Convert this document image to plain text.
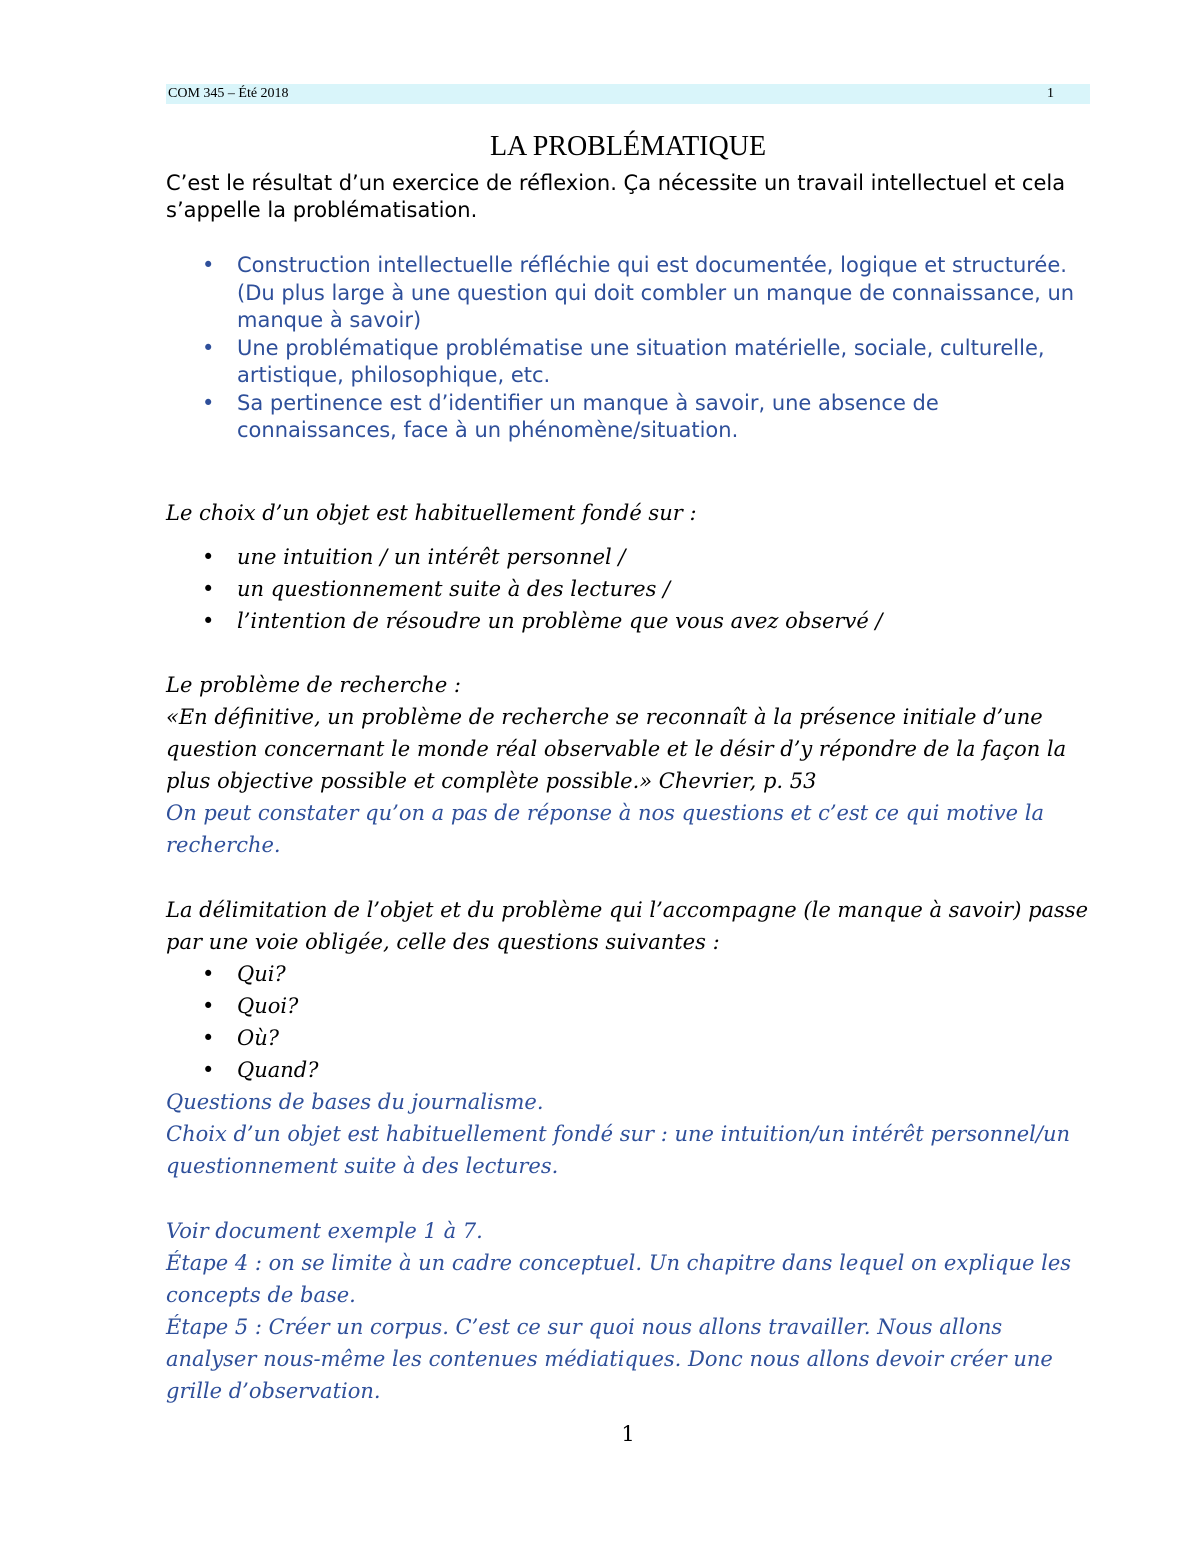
COM 345 – Été 2018	1
LA PROBLÉMATIQUE

C’est le résultat d’un exercice de réflexion. Ça nécessite un travail intellectuel et cela s’appelle la problématisation.

• Construction intellectuelle réfléchie qui est documentée, logique et structurée. (Du plus large à une question qui doit combler un manque de connaissance, un manque à savoir)
• Une problématique problématise une situation matérielle, sociale, culturelle, artistique, philosophique, etc.
• Sa pertinence est d’identifier un manque à savoir, une absence de connaissances, face à un phénomène/situation.

Le choix d’un objet est habituellement fondé sur :

• une intuition / un intérêt personnel /
• un questionnement suite à des lectures /
• l’intention de résoudre un problème que vous avez observé /

Le problème de recherche :

«En définitive, un problème de recherche se reconnaît à la présence initiale d’une question concernant le monde réal observable et le désir d’y répondre de la façon la plus objective possible et complète possible.» Chevrier, p. 53

On peut constater qu’on a pas de réponse à nos questions et c’est ce qui motive la recherche.

La délimitation de l’objet et du problème qui l’accompagne (le manque à savoir) passe par une voie obligée, celle des questions suivantes :

• Qui?
• Quoi?
• Où?
• Quand?

Questions de bases du journalisme.

Choix d’un objet est habituellement fondé sur : une intuition/un intérêt personnel/un questionnement suite à des lectures.

Voir document exemple 1 à 7.

Étape 4 : on se limite à un cadre conceptuel. Un chapitre dans lequel on explique les concepts de base.

Étape 5 : Créer un corpus. C’est ce sur quoi nous allons travailler. Nous allons analyser nous-même les contenues médiatiques. Donc nous allons devoir créer une grille d’observation.

1
